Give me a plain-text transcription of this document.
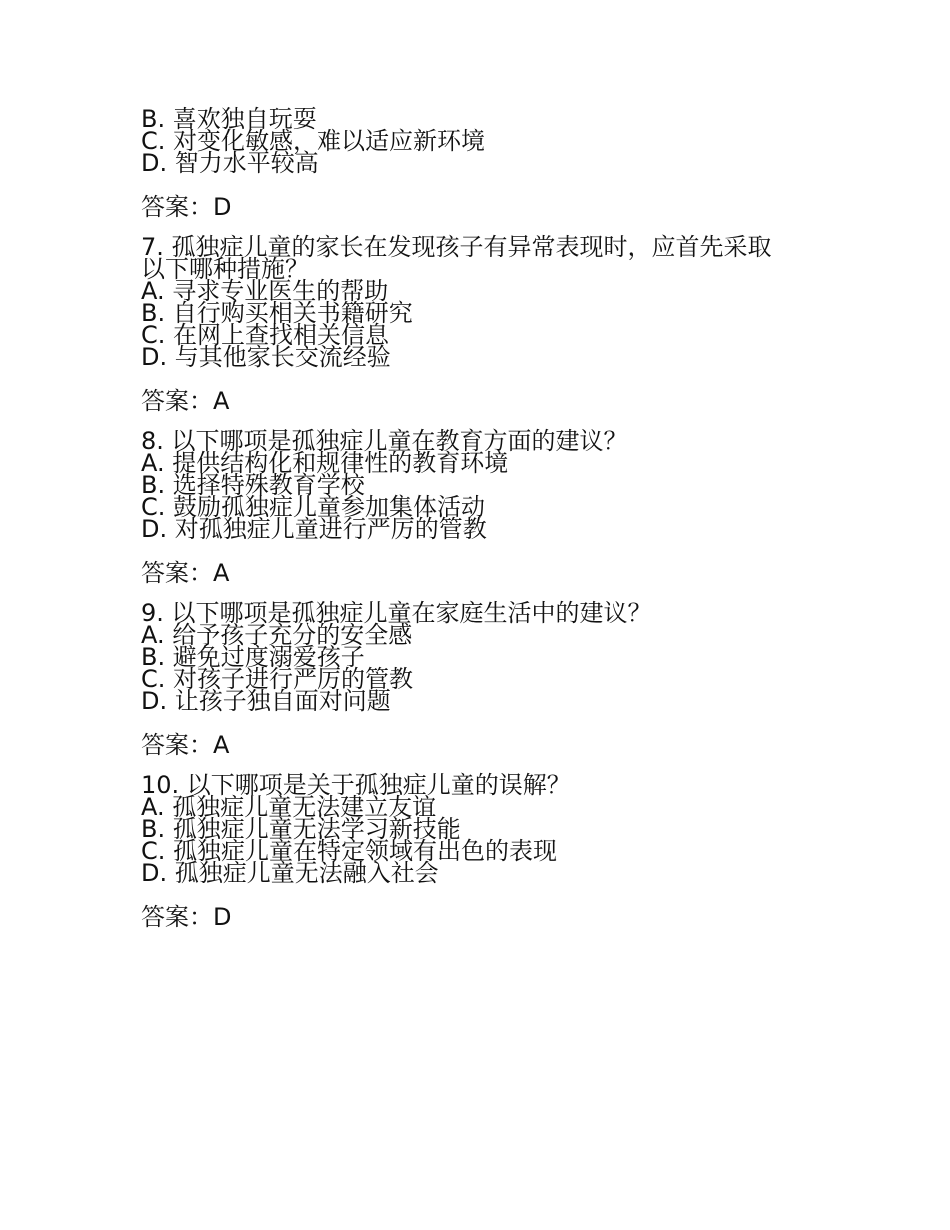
B. 喜欢独自玩耍
C. 对变化敏感，难以适应新环境
D. 智力水平较高
答案：D
7. 孤独症儿童的家长在发现孩子有异常表现时，应首先采取
以下哪种措施？
A. 寻求专业医生的帮助
B. 自行购买相关书籍研究
C. 在网上查找相关信息
D. 与其他家长交流经验
答案：A
8. 以下哪项是孤独症儿童在教育方面的建议？
A. 提供结构化和规律性的教育环境
B. 选择特殊教育学校
C. 鼓励孤独症儿童参加集体活动
D. 对孤独症儿童进行严厉的管教
答案：A
9. 以下哪项是孤独症儿童在家庭生活中的建议？
A. 给予孩子充分的安全感
B. 避免过度溺爱孩子
C. 对孩子进行严厉的管教
D. 让孩子独自面对问题
答案：A
10. 以下哪项是关于孤独症儿童的误解？
A. 孤独症儿童无法建立友谊
B. 孤独症儿童无法学习新技能
C. 孤独症儿童在特定领域有出色的表现
D. 孤独症儿童无法融入社会
答案：D
